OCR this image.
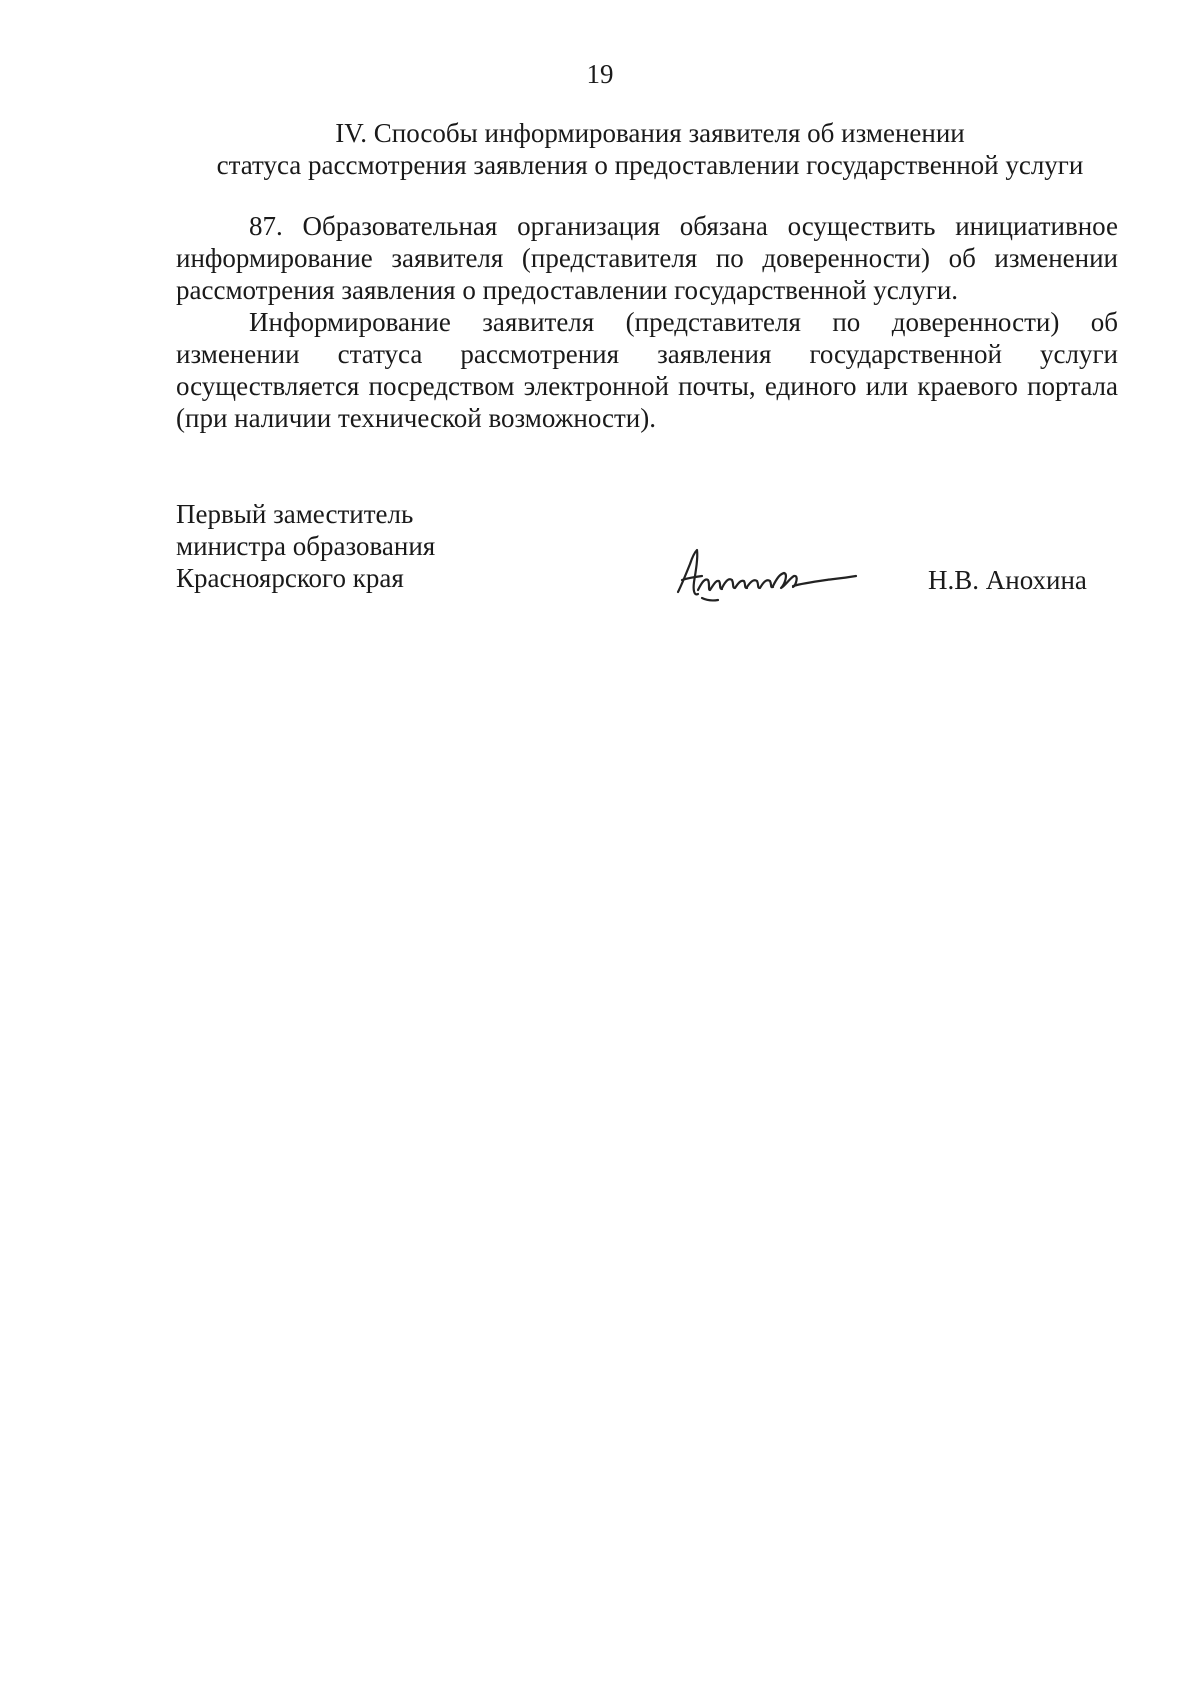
19
IV. Способы информирования заявителя об изменении
статуса рассмотрения заявления о предоставлении государственной услуги

87. Образовательная организация обязана осуществить инициативное информирование заявителя (представителя по доверенности) об изменении рассмотрения заявления о предоставлении государственной услуги.

Информирование заявителя (представителя по доверенности) об изменении статуса рассмотрения заявления государственной услуги осуществляется посредством электронной почты, единого или краевого портала (при наличии технической возможности).

Первый заместитель
министра образования
Красноярского края	Н.В. Анохина
